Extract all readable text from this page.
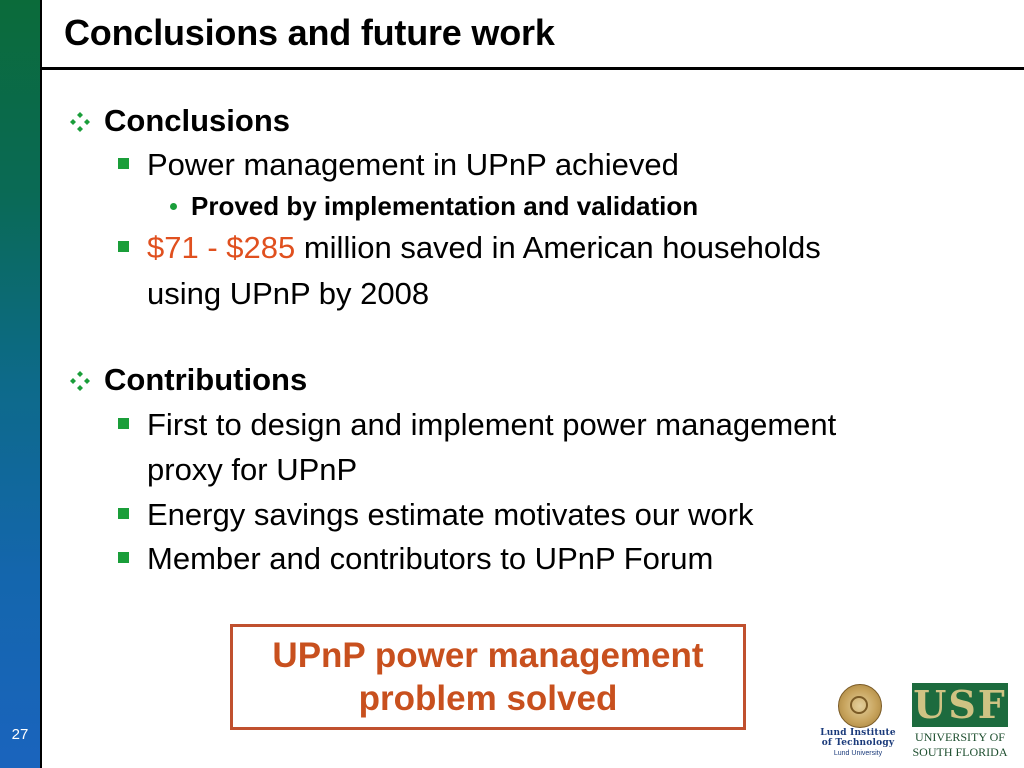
27
Conclusions and future work
Conclusions
Power management in UPnP achieved
Proved by implementation and validation
$71 - $285 million saved in American households
using UPnP by 2008
Contributions
First to design and implement power management
proxy for UPnP
Energy savings estimate motivates our work
Member and contributors to UPnP Forum
UPnP power management
problem solved
Lund Institute
of Technology
Lund University
USF
UNIVERSITY OF
SOUTH FLORIDA
